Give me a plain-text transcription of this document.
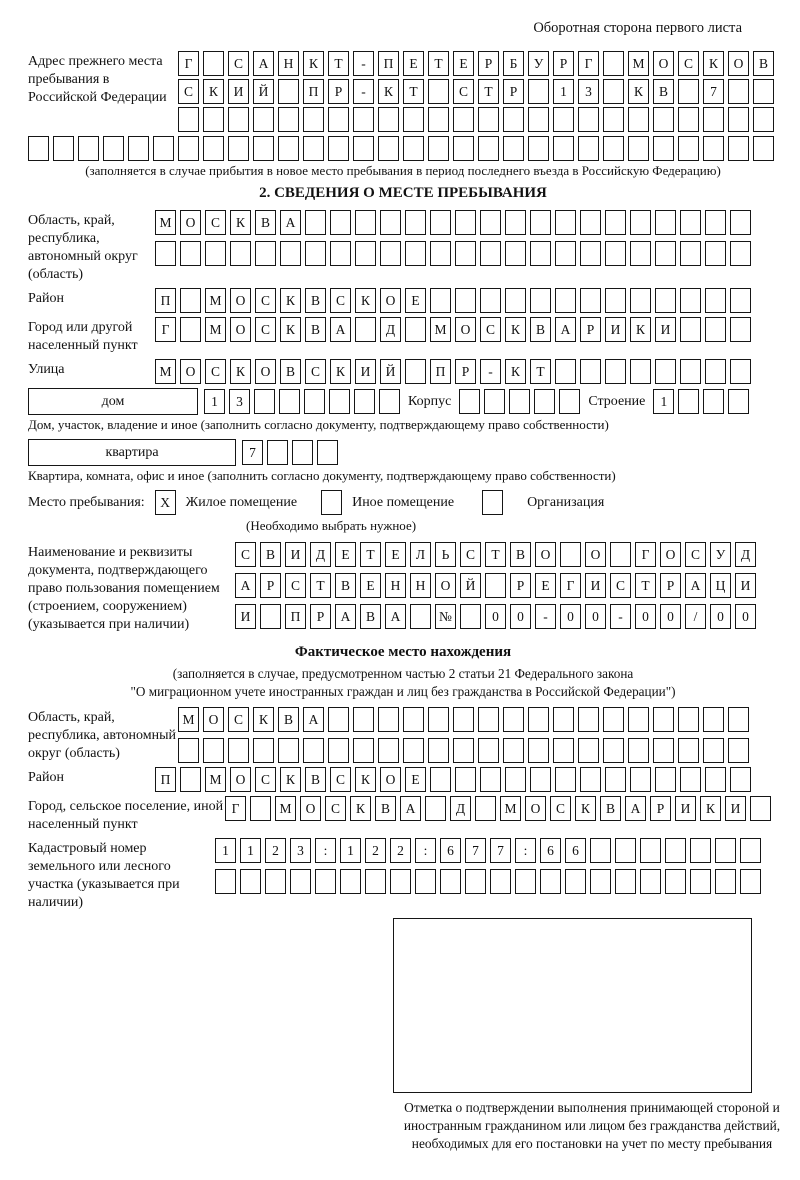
Оборотная сторона первого листа
Адрес прежнего места пребывания в Российской Федерации
Г	С	А	Н	К	Т	-	П	Е	Т	Е	Р	Б	У	Р	Г	М	О	С	К	О	В
С	К	И	Й	П	Р	-	К	Т	С	Т	Р	1	3	К	В	7
(заполняется в случае прибытия в новое место пребывания в период последнего въезда в Российскую Федерацию)
2. СВЕДЕНИЯ О МЕСТЕ ПРЕБЫВАНИЯ
Область, край, республика, автономный округ (область)
М	О	С	К	В	А
Район	П	М	О	С	К	В	С	К	О	Е
Город или другой населенный пункт
Г	М	О	С	К	В	А	Д	М	О	С	К	В	А	Р	И	К	И
Улица	М	О	С	К	О	В	С	К	И	Й	П	Р	-	К	Т
дом	1	3	Корпус	Строение	1
Дом, участок, владение и иное (заполнить согласно документу, подтверждающему право собственности)
квартира	7
Квартира, комната, офис и иное (заполнить согласно документу, подтверждающему право собственности)
Место пребывания:	X	Жилое помещение	Иное помещение	Организация
(Необходимо выбрать нужное)
Наименование и реквизиты документа, подтверждающего право пользования помещением (строением, сооружением) (указывается при наличии)
С	В	И	Д	Е	Т	Е	Л	Ь	С	Т	В	О	О	Г	О	С	У	Д
А	Р	С	Т	В	Е	Н	Н	О	Й	Р	Е	Г	И	С	Т	Р	А	Ц	И
И	П	Р	А	В	А	№	0	0	-	0	0	-	0	0	/	0	0
Фактическое место нахождения
(заполняется в случае, предусмотренном частью 2 статьи 21 Федерального закона
"О миграционном учете иностранных граждан и лиц без гражданства в Российской Федерации")
Область, край, республика, автономный округ (область)
М	О	С	К	В	А
Район	П	М	О	С	К	В	С	К	О	Е
Город, сельское поселение, иной населенный пункт
Г	М	О	С	К	В	А	Д	М	О	С	К	В	А	Р	И	К	И
Кадастровый номер земельного или лесного участка (указывается при наличии)
1	1	2	3	:	1	2	2	:	6	7	7	:	6	6
Отметка о подтверждении выполнения принимающей стороной и иностранным гражданином или лицом без гражданства действий, необходимых для его постановки на учет по месту пребывания
